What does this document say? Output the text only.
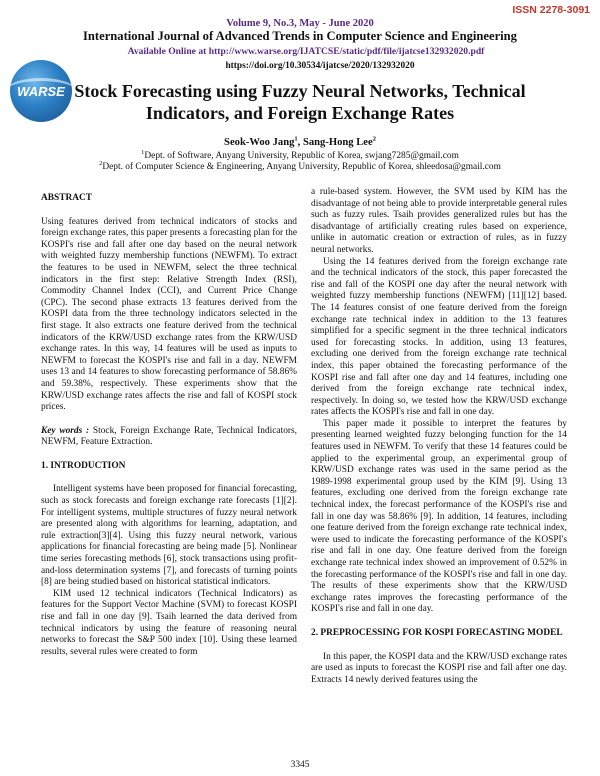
WARSE
ISSN 2278-3091
Volume 9, No.3, May - June 2020
International Journal of Advanced Trends in Computer Science and Engineering
Available Online at http://www.warse.org/IJATCSE/static/pdf/file/ijatcse132932020.pdf
https://doi.org/10.30534/ijatcse/2020/132932020
Stock Forecasting using Fuzzy Neural Networks, Technical Indicators, and Foreign Exchange Rates
Seok-Woo Jang$^1$, Sang-Hong Lee$^2$
$^1$Dept. of Software, Anyang University, Republic of Korea, swjang7285@gmail.com
$^2$Dept. of Computer Science & Engineering, Anyang University, Republic of Korea, shleedosa@gmail.com

ABSTRACT

Using features derived from technical indicators of stocks and foreign exchange rates, this paper presents a forecasting plan for the KOSPI's rise and fall after one day based on the neural network with weighted fuzzy membership functions (NEWFM). To extract the features to be used in NEWFM, select the three technical indicators in the first step: Relative Strength Index (RSI), Commodity Channel Index (CCI), and Current Price Change (CPC). The second phase extracts 13 features derived from the KOSPI data from the three technology indicators selected in the first stage. It also extracts one feature derived from the technical indicators of the KRW/USD exchange rates from the KRW/USD exchange rates. In this way, 14 features will be used as inputs to NEWFM to forecast the KOSPI's rise and fall in a day. NEWFM uses 13 and 14 features to show forecasting performance of 58.86% and 59.38%, respectively. These experiments show that the KRW/USD exchange rates affects the rise and fall of KOSPI stock prices.

Key words : Stock, Foreign Exchange Rate, Technical Indicators, NEWFM, Feature Extraction.

1. INTRODUCTION

Intelligent systems have been proposed for financial forecasting, such as stock forecasts and foreign exchange rate forecasts [1][2]. For intelligent systems, multiple structures of fuzzy neural network are presented along with algorithms for learning, adaptation, and rule extraction[3][4]. Using this fuzzy neural network, various applications for financial forecasting are being made [5]. Nonlinear time series forecasting methods [6], stock transactions using profit-and-loss determination systems [7], and forecasts of turning points [8] are being studied based on historical statistical indicators.

KIM used 12 technical indicators (Technical Indicators) as features for the Support Vector Machine (SVM) to forecast KOSPI rise and fall in one day [9]. Tsaih learned the data derived from technical indicators by using the feature of reasoning neural networks to forecast the S&P 500 index [10]. Using these learned results, several rules were created to form

a rule-based system. However, the SVM used by KIM has the disadvantage of not being able to provide interpretable general rules such as fuzzy rules. Tsaih provides generalized rules but has the disadvantage of artificially creating rules based on experience, unlike in automatic creation or extraction of rules, as in fuzzy neural networks.

Using the 14 features derived from the foreign exchange rate and the technical indicators of the stock, this paper forecasted the rise and fall of the KOSPI one day after the neural network with weighted fuzzy membership functions (NEWFM) [11][12] based. The 14 features consist of one feature derived from the foreign exchange rate technical index in addition to the 13 features simplified for a specific segment in the three technical indicators used for forecasting stocks. In addition, using 13 features, excluding one derived from the foreign exchange rate technical index, this paper obtained the forecasting performance of the KOSPI rise and fall after one day and 14 features, including one derived from the foreign exchange rate technical index, respectively. In doing so, we tested how the KRW/USD exchange rates affects the KOSPI's rise and fall in one day.

This paper made it possible to interpret the features by presenting learned weighted fuzzy belonging function for the 14 features used in NEWFM. To verify that these 14 features could be applied to the experimental group, an experimental group of KRW/USD exchange rates was used in the same period as the 1989-1998 experimental group used by the KIM [9]. Using 13 features, excluding one derived from the foreign exchange rate technical index, the forecast performance of the KOSPI's rise and fall in one day was 58.86% [9]. In addition, 14 features, including one feature derived from the foreign exchange rate technical index, were used to indicate the forecasting performance of the KOSPI's rise and fall in one day. One feature derived from the foreign exchange rate technical index showed an improvement of 0.52% in the forecasting performance of the KOSPI's rise and fall in one day. The results of these experiments show that the KRW/USD exchange rates improves the forecasting performance of the KOSPI's rise and fall in one day.

2. PREPROCESSING FOR KOSPI FORECASTING MODEL

In this paper, the KOSPI data and the KRW/USD exchange rates are used as inputs to forecast the KOSPI rise and fall after one day. Extracts 14 newly derived features using the

3345
